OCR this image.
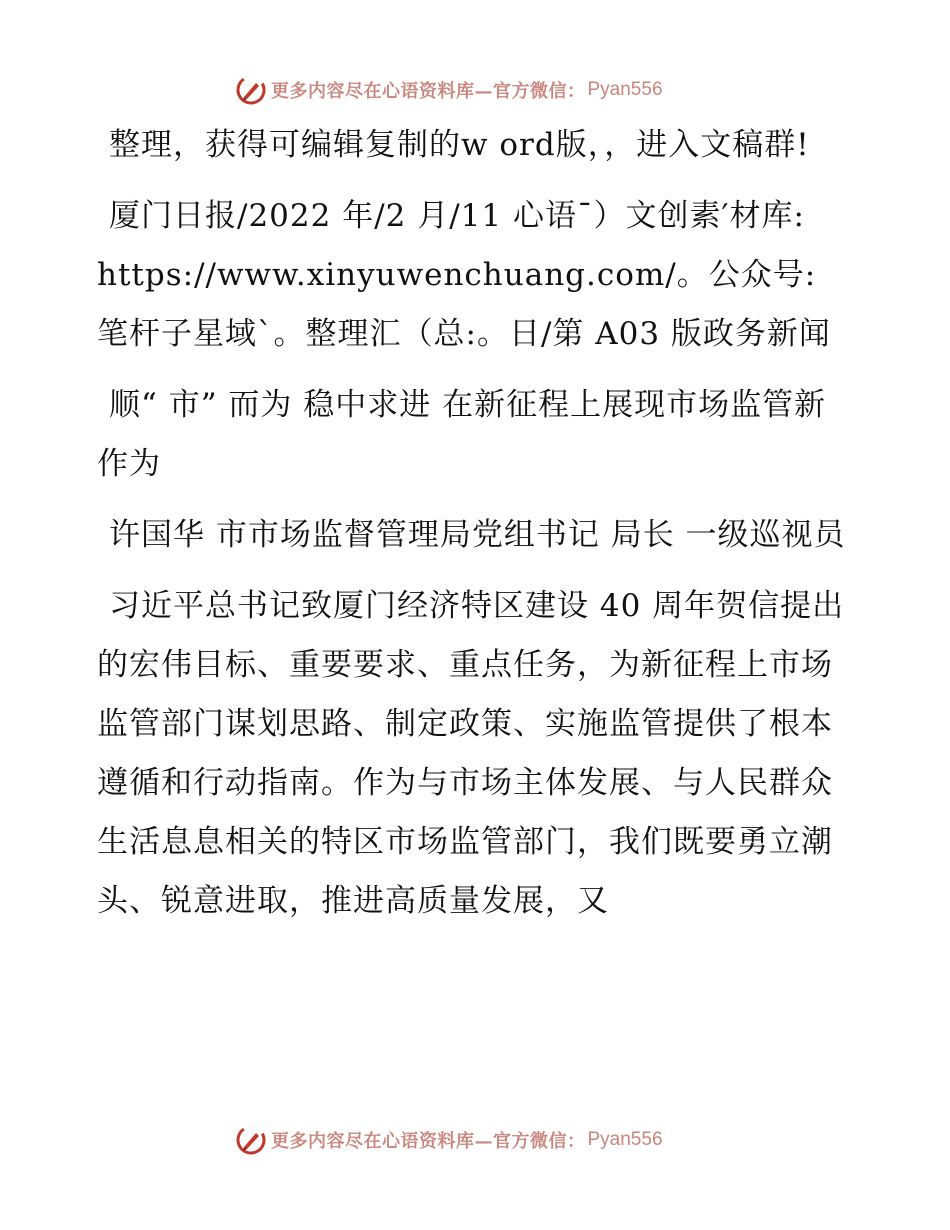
更多内容尽在心语资料库—官方微信： Pyan556

整理，获得可编辑复制的w ord版，，进入文稿群!

厦门日报/2022 年/2 月/11 心语¯）文创素′材库: https://www.xinyuwenchuang.com/。公众号: 笔杆子星域ˋ。整理汇（总:。日/第 A03 版政务新闻

顺“ 市” 而为 稳中求进 在新征程上展现市场监管新作为

许国华 市市场监督管理局党组书记 局长 一级巡视员

习近平总书记致厦门经济特区建设 40 周年贺信提出的宏伟目标、重要要求、重点任务，为新征程上市场监管部门谋划思路、制定政策、实施监管提供了根本遵循和行动指南。作为与市场主体发展、与人民群众生活息息相关的特区市场监管部门，我们既要勇立潮头、锐意进取，推进高质量发展，又

更多内容尽在心语资料库—官方微信： Pyan556
